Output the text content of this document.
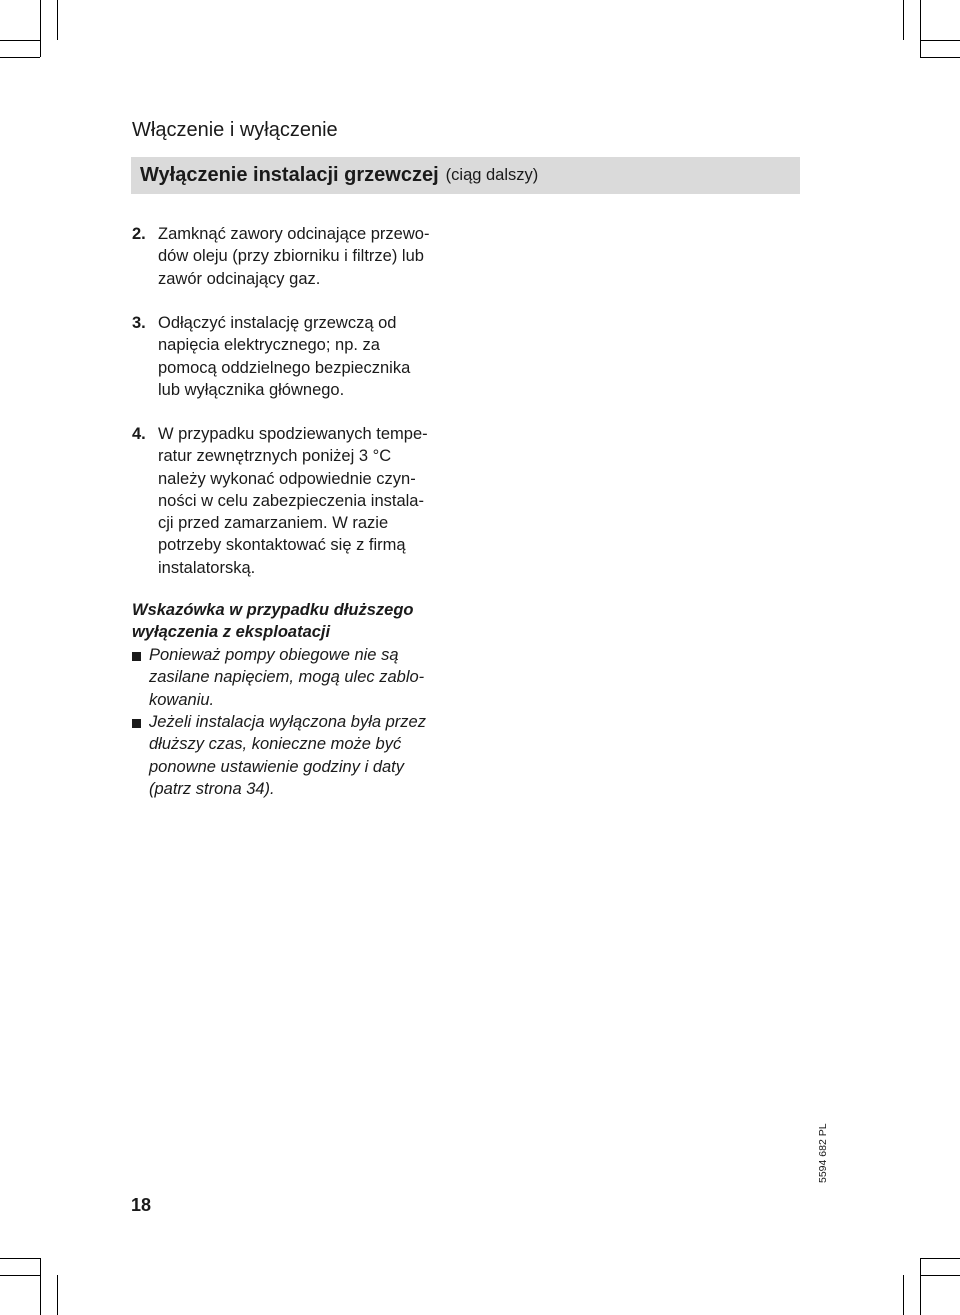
Włączenie i wyłączenie
Wyłączenie instalacji grzewczej (ciąg dalszy)
2. Zamknąć zawory odcinające przewo-
dów oleju (przy zbiorniku i filtrze) lub
zawór odcinający gaz.
3. Odłączyć instalację grzewczą od
napięcia elektrycznego; np. za
pomocą oddzielnego bezpiecznika
lub wyłącznika głównego.
4. W przypadku spodziewanych tempe-
ratur zewnętrznych poniżej 3 °C
należy wykonać odpowiednie czyn-
ności w celu zabezpieczenia instala-
cji przed zamarzaniem. W razie
potrzeby skontaktować się z firmą
instalatorską.
Wskazówka w przypadku dłuższego
wyłączenia z eksploatacji
Ponieważ pompy obiegowe nie są
zasilane napięciem, mogą ulec zablo-
kowaniu.
Jeżeli instalacja wyłączona była przez
dłuższy czas, konieczne może być
ponowne ustawienie godziny i daty
(patrz strona 34).
18
5594 682 PL
